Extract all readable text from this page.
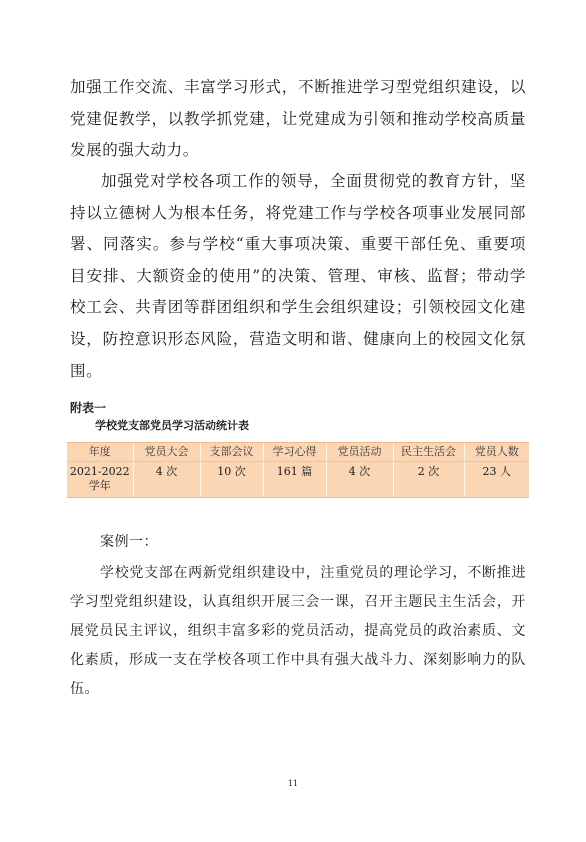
加强工作交流、丰富学习形式，不断推进学习型党组织建设，以党建促教学，以教学抓党建，让党建成为引领和推动学校高质量发展的强大动力。

加强党对学校各项工作的领导，全面贯彻党的教育方针，坚持以立德树人为根本任务，将党建工作与学校各项事业发展同部署、同落实。参与学校“重大事项决策、重要干部任免、重要项目安排、大额资金的使用”的决策、管理、审核、监督；带动学校工会、共青团等群团组织和学生会组织建设；引领校园文化建设，防控意识形态风险，营造文明和谐、健康向上的校园文化氛围。

附表一

学校党支部党员学习活动统计表

年度	党员大会	支部会议	学习心得	党员活动	民主生活会	党员人数
2021-2022学年	4 次	10 次	161 篇	4 次	2 次	23 人

案例一：

学校党支部在两新党组织建设中，注重党员的理论学习，不断推进学习型党组织建设，认真组织开展三会一课，召开主题民主生活会，开展党员民主评议，组织丰富多彩的党员活动，提高党员的政治素质、文化素质，形成一支在学校各项工作中具有强大战斗力、深刻影响力的队伍。

11
